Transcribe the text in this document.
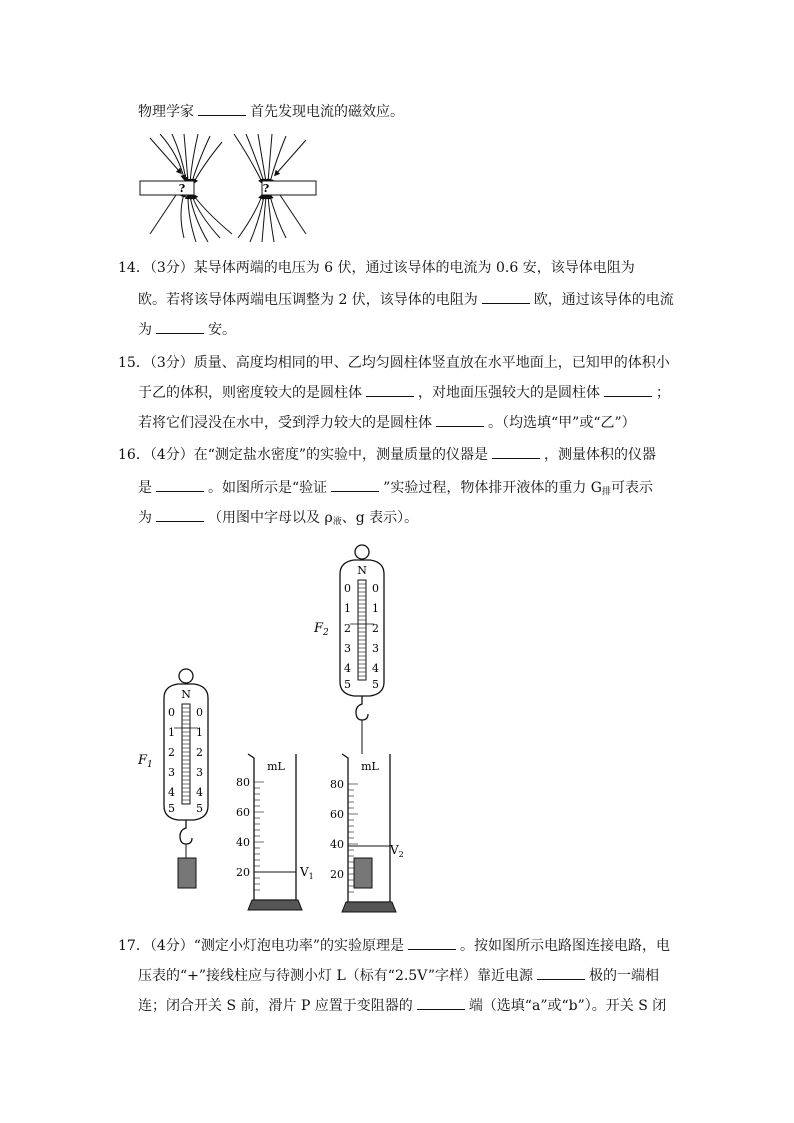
物理学家	首先发现电流的磁效应。
?	?
14．（3分）某导体两端的电压为 6 伏，通过该导体的电流为 0.6 安，该导体电阻为
欧。若将该导体两端电压调整为 2 伏，该导体的电阻为	欧，通过该导体的电流
为	安。
15．（3分）质量、高度均相同的甲、乙均匀圆柱体竖直放在水平地面上，已知甲的体积小
于乙的体积，则密度较大的是圆柱体	，对地面压强较大的是圆柱体	；
若将它们浸没在水中，受到浮力较大的是圆柱体	。（均选填“甲”或“乙”）
16．（4分）在“测定盐水密度”的实验中，测量质量的仪器是	，测量体积的仪器
是	。如图所示是“验证	”实验过程，物体排开液体的重力 $G_排$可表示
为	（用图中字母以及 $\rho_液$、g 表示）。
N
0 0
1 1
2 2
3 3
4 4
5 5
$F_1$	mL
80
60
40
20	$V_1$
N
0 0
1 1
2 2
3 3
4 4
5 5
$F_2$
mL
80
60
40
20
$V_2$
17．（4分）“测定小灯泡电功率”的实验原理是	。按如图所示电路图连接电路，电
压表的“+”接线柱应与待测小灯 L（标有“2.5V”字样）靠近电源	极的一端相
连；闭合开关 S 前，滑片 P 应置于变阻器的	端（选填“a”或“b”）。开关 S 闭
